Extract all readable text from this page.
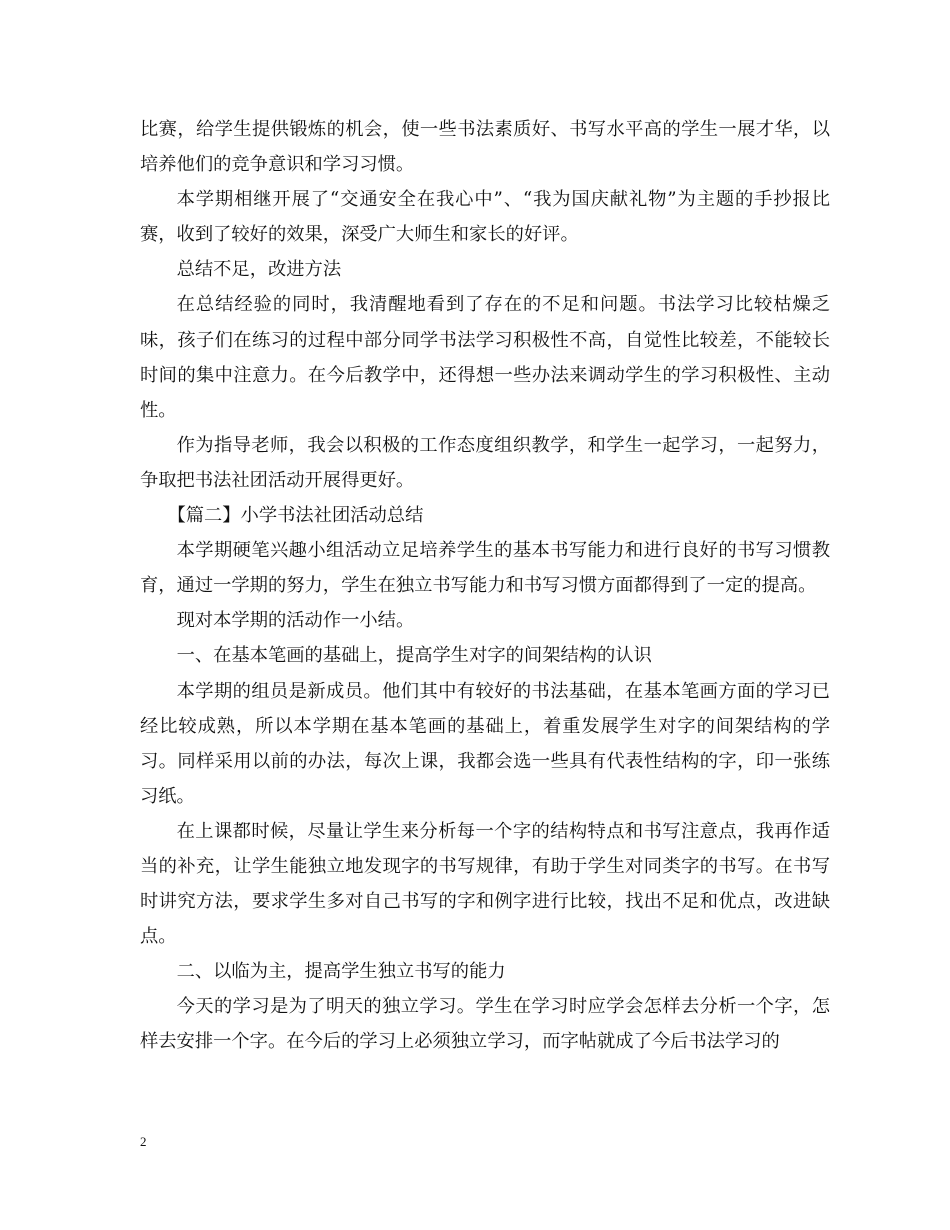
比赛，给学生提供锻炼的机会，使一些书法素质好、书写水平高的学生一展才华，以培养他们的竞争意识和学习习惯。

本学期相继开展了“交通安全在我心中”、“我为国庆献礼物”为主题的手抄报比赛，收到了较好的效果，深受广大师生和家长的好评。

总结不足，改进方法

在总结经验的同时，我清醒地看到了存在的不足和问题。书法学习比较枯燥乏味，孩子们在练习的过程中部分同学书法学习积极性不高，自觉性比较差，不能较长时间的集中注意力。在今后教学中，还得想一些办法来调动学生的学习积极性、主动性。

作为指导老师，我会以积极的工作态度组织教学，和学生一起学习，一起努力，争取把书法社团活动开展得更好。

【篇二】小学书法社团活动总结

本学期硬笔兴趣小组活动立足培养学生的基本书写能力和进行良好的书写习惯教育，通过一学期的努力，学生在独立书写能力和书写习惯方面都得到了一定的提高。

现对本学期的活动作一小结。

一、在基本笔画的基础上，提高学生对字的间架结构的认识

本学期的组员是新成员。他们其中有较好的书法基础，在基本笔画方面的学习已经比较成熟，所以本学期在基本笔画的基础上，着重发展学生对字的间架结构的学习。同样采用以前的办法，每次上课，我都会选一些具有代表性结构的字，印一张练习纸。

在上课都时候，尽量让学生来分析每一个字的结构特点和书写注意点，我再作适当的补充，让学生能独立地发现字的书写规律，有助于学生对同类字的书写。在书写时讲究方法，要求学生多对自己书写的字和例字进行比较，找出不足和优点，改进缺点。

二、以临为主，提高学生独立书写的能力

今天的学习是为了明天的独立学习。学生在学习时应学会怎样去分析一个字，怎样去安排一个字。在今后的学习上必须独立学习，而字帖就成了今后书法学习的

2
